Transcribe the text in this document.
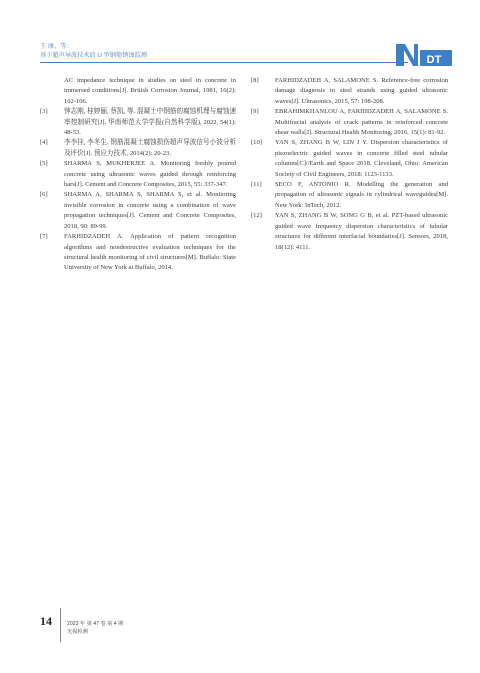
王 康，等：
基于超声导波技术的 U 型钢筋锈蚀监测	DT
AC impedance technique in studies on steel in concrete in immersed conditions[J]. British Corrosion Journal, 1981, 16(2): 102-106.
[3] 钟志刚, 桂婷俪, 蔡凯, 等. 混凝土中钢筋的腐蚀机理与腐蚀速率控制研究[J]. 华南师范大学学报(自然科学版), 2022, 54(1): 48-53.
[4] 李李挂, 李冬生. 钢筋混凝土腐蚀损伤超声导波信号小波分析及评价[J]. 预应力技术, 2014(2): 20-23.
[5] SHARMA S, MUKHERJEE A. Monitoring freshly poured concrete using ultrasonic waves guided through reinforcing bars[J]. Cement and Concrete Composites, 2015, 55: 337-347.
[6] SHARMA A, SHARMA S, SHARMA S, et al. Monitoring invisible corrosion in concrete using a combination of wave propagation techniques[J]. Cement and Concrete Composites, 2018, 90: 89-99.
[7] FARHIDZADEH A. Application of pattern recognition algorithms and nondestructive evaluation techniques for the structural health monitoring of civil structures[M]. Buffalo: State University of New York at Buffalo, 2014.
[8] FARHIDZADEH A, SALAMONE S. Reference-free corrosion damage diagnosis in steel strands using guided ultrasonic waves[J]. Ultrasonics, 2015, 57: 198-208.
[9] EBRAHIMKHANLOU A, FARHIDZADEH A, SALAMONE S. Multifractal analysis of crack patterns in reinforced concrete shear walls[J]. Structural Health Monitoring, 2016, 15(1): 81-92.
[10] YAN S, ZHANG B W, LIN J Y. Dispersion characteristics of piezoelectric guided waves in concrete filled steel tubular columns[C]//Earth and Space 2018. Cleveland, Ohio: American Society of Civil Engineers, 2018: 1123-1133.
[11] SECO F, ANTONIO R. Modelling the generation and propagation of ultrasonic signals in cylindrical waveguides[M]. New York: InTech, 2012.
[12] YAN S, ZHANG B W, SONG G B, et al. PZT-based ultrasonic guided wave frequency dispersion characteristics of tubular structures for different interfacial boundaries[J]. Sensors, 2018, 18(12): 4111.
14	2023 年 第 47 卷 第 4 期
无损检测
